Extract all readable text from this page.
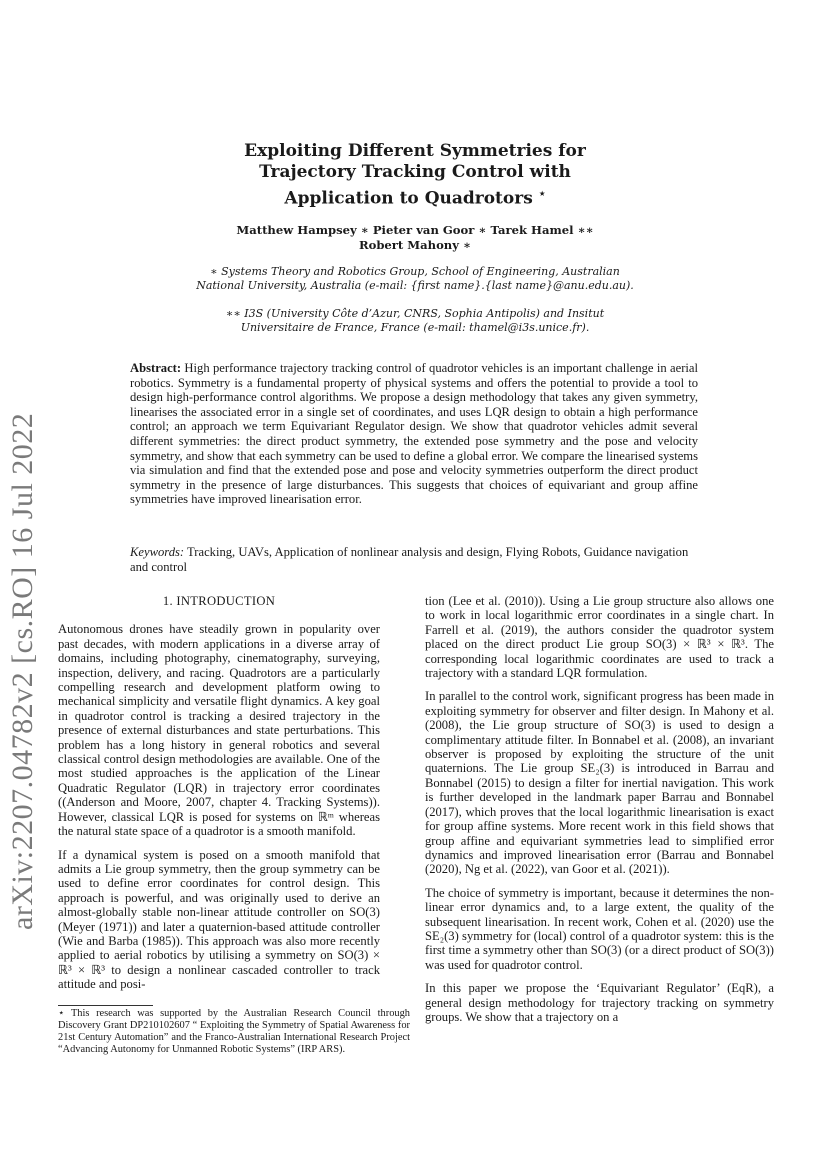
arXiv:2207.04782v2 [cs.RO] 16 Jul 2022
Exploiting Different Symmetries for
Trajectory Tracking Control with
Application to Quadrotors ⋆
Matthew Hampsey ∗ Pieter van Goor ∗ Tarek Hamel ∗∗
Robert Mahony ∗
∗ Systems Theory and Robotics Group, School of Engineering, Australian National University, Australia (e-mail: {first name}.{last name}@anu.edu.au).
∗∗ I3S (University Côte d’Azur, CNRS, Sophia Antipolis) and Insitut Universitaire de France, France (e-mail: thamel@i3s.unice.fr).
Abstract: High performance trajectory tracking control of quadrotor vehicles is an important challenge in aerial robotics. Symmetry is a fundamental property of physical systems and offers the potential to provide a tool to design high-performance control algorithms. We propose a design methodology that takes any given symmetry, linearises the associated error in a single set of coordinates, and uses LQR design to obtain a high performance control; an approach we term Equivariant Regulator design. We show that quadrotor vehicles admit several different symmetries: the direct product symmetry, the extended pose symmetry and the pose and velocity symmetry, and show that each symmetry can be used to define a global error. We compare the linearised systems via simulation and find that the extended pose and pose and velocity symmetries outperform the direct product symmetry in the presence of large disturbances. This suggests that choices of equivariant and group affine symmetries have improved linearisation error.
Keywords: Tracking, UAVs, Application of nonlinear analysis and design, Flying Robots, Guidance navigation and control
1. INTRODUCTION

Autonomous drones have steadily grown in popularity over past decades, with modern applications in a diverse array of domains, including photography, cinematography, surveying, inspection, delivery, and racing. Quadrotors are a particularly compelling research and development platform owing to mechanical simplicity and versatile flight dynamics. A key goal in quadrotor control is tracking a desired trajectory in the presence of external disturbances and state perturbations. This problem has a long history in general robotics and several classical control design methodologies are available. One of the most studied approaches is the application of the Linear Quadratic Regulator (LQR) in trajectory error coordinates ((Anderson and Moore, 2007, chapter 4. Tracking Systems)). However, classical LQR is posed for systems on ℝᵐ whereas the natural state space of a quadrotor is a smooth manifold.

If a dynamical system is posed on a smooth manifold that admits a Lie group symmetry, then the group symmetry can be used to define error coordinates for control design. This approach is powerful, and was originally used to derive an almost-globally stable non-linear attitude controller on SO(3) (Meyer (1971)) and later a quaternion-based attitude controller (Wie and Barba (1985)). This approach was also more recently applied to aerial robotics by utilising a symmetry on SO(3) × ℝ³ × ℝ³ to design a nonlinear cascaded controller to track attitude and posi-

⋆ This research was supported by the Australian Research Council through Discovery Grant DP210102607 “ Exploiting the Symmetry of Spatial Awareness for 21st Century Automation” and the Franco-Australian International Research Project “Advancing Autonomy for Unmanned Robotic Systems” (IRP ARS).

tion (Lee et al. (2010)). Using a Lie group structure also allows one to work in local logarithmic error coordinates in a single chart. In Farrell et al. (2019), the authors consider the quadrotor system placed on the direct product Lie group SO(3) × ℝ³ × ℝ³. The corresponding local logarithmic coordinates are used to track a trajectory with a standard LQR formulation.

In parallel to the control work, significant progress has been made in exploiting symmetry for observer and filter design. In Mahony et al. (2008), the Lie group structure of SO(3) is used to design a complimentary attitude filter. In Bonnabel et al. (2008), an invariant observer is proposed by exploiting the structure of the unit quaternions. The Lie group SE₂(3) is introduced in Barrau and Bonnabel (2015) to design a filter for inertial navigation. This work is further developed in the landmark paper Barrau and Bonnabel (2017), which proves that the local logarithmic linearisation is exact for group affine systems. More recent work in this field shows that group affine and equivariant symmetries lead to simplified error dynamics and improved linearisation error (Barrau and Bonnabel (2020), Ng et al. (2022), van Goor et al. (2021)).

The choice of symmetry is important, because it determines the non-linear error dynamics and, to a large extent, the quality of the subsequent linearisation. In recent work, Cohen et al. (2020) use the SE₂(3) symmetry for (local) control of a quadrotor system: this is the first time a symmetry other than SO(3) (or a direct product of SO(3)) was used for quadrotor control.

In this paper we propose the ‘Equivariant Regulator’ (EqR), a general design methodology for trajectory tracking on symmetry groups. We show that a trajectory on a
